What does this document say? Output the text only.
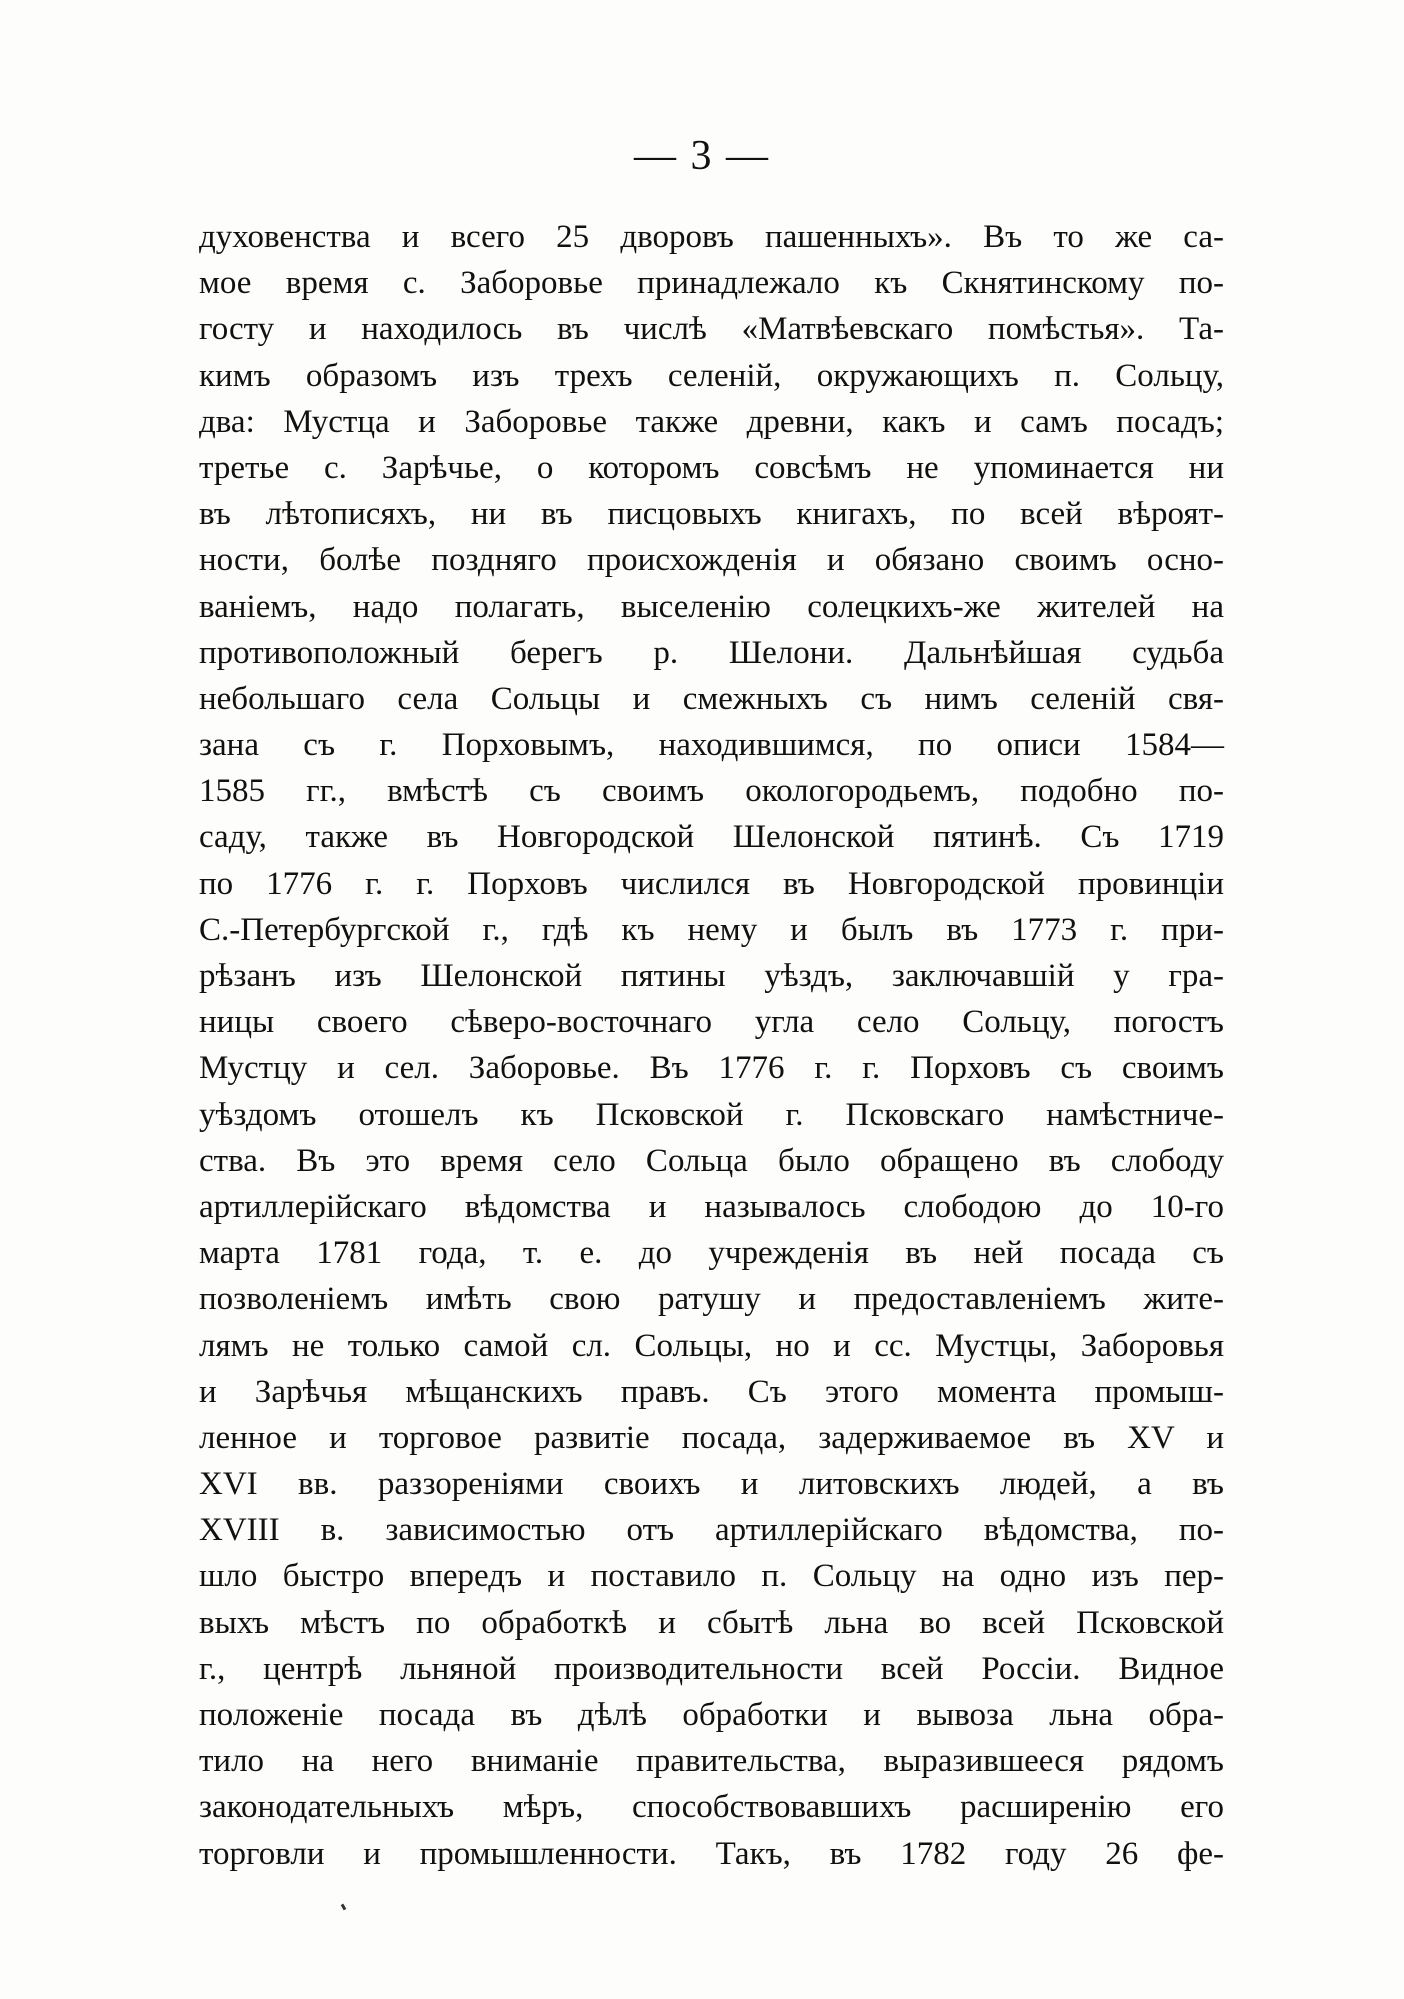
— 3 —
духовенства и всего 25 дворовъ пашенныхъ». Въ то же са-
мое время с. Заборовье принадлежало къ Скнятинскому по-
госту и находилось въ числѣ «Матвѣевскаго помѣстья». Та-
кимъ образомъ изъ трехъ селеній, окружающихъ п. Сольцу,
два: Мустца и Заборовье также древни, какъ и самъ посадъ;
третье с. Зарѣчье, о которомъ совсѣмъ не упоминается ни
въ лѣтописяхъ, ни въ писцовыхъ книгахъ, по всей вѣроят-
ности, болѣе поздняго происхожденія и обязано своимъ осно-
ваніемъ, надо полагать, выселенію солецкихъ-же жителей на
противоположный берегъ р. Шелони. Дальнѣйшая судьба
небольшаго села Сольцы и смежныхъ съ нимъ селеній свя-
зана съ г. Порховымъ, находившимся, по описи 1584—
1585 гг., вмѣстѣ съ своимъ окологородьемъ, подобно по-
саду, также въ Новгородской Шелонской пятинѣ. Съ 1719
по 1776 г. г. Порховъ числился въ Новгородской провинціи
С.-Петербургской г., гдѣ къ нему и былъ въ 1773 г. при-
рѣзанъ изъ Шелонской пятины уѣздъ, заключавшій у гра-
ницы своего сѣверо-восточнаго угла село Сольцу, погостъ
Мустцу и сел. Заборовье. Въ 1776 г. г. Порховъ съ своимъ
уѣздомъ отошелъ къ Псковской г. Псковскаго намѣстниче-
ства. Въ это время село Сольца было обращено въ слободу
артиллерійскаго вѣдомства и называлось слободою до 10-го
марта 1781 года, т. е. до учрежденія въ ней посада съ
позволеніемъ имѣть свою ратушу и предоставленіемъ жите-
лямъ не только самой сл. Сольцы, но и сс. Мустцы, Заборовья
и Зарѣчья мѣщанскихъ правъ. Съ этого момента промыш-
ленное и торговое развитіе посада, задерживаемое въ XV и
XVI вв. раззореніями своихъ и литовскихъ людей, а въ
XVIII в. зависимостью отъ артиллерійскаго вѣдомства, по-
шло быстро впередъ и поставило п. Сольцу на одно изъ пер-
выхъ мѣстъ по обработкѣ и сбытѣ льна во всей Псковской
г., центрѣ льняной производительности всей Россіи. Видное
положеніе посада въ дѣлѣ обработки и вывоза льна обра-
тило на него вниманіе правительства, выразившееся рядомъ
законодательныхъ мѣръ, способствовавшихъ расширенію его
торговли и промышленности. Такъ, въ 1782 году 26 фе-
